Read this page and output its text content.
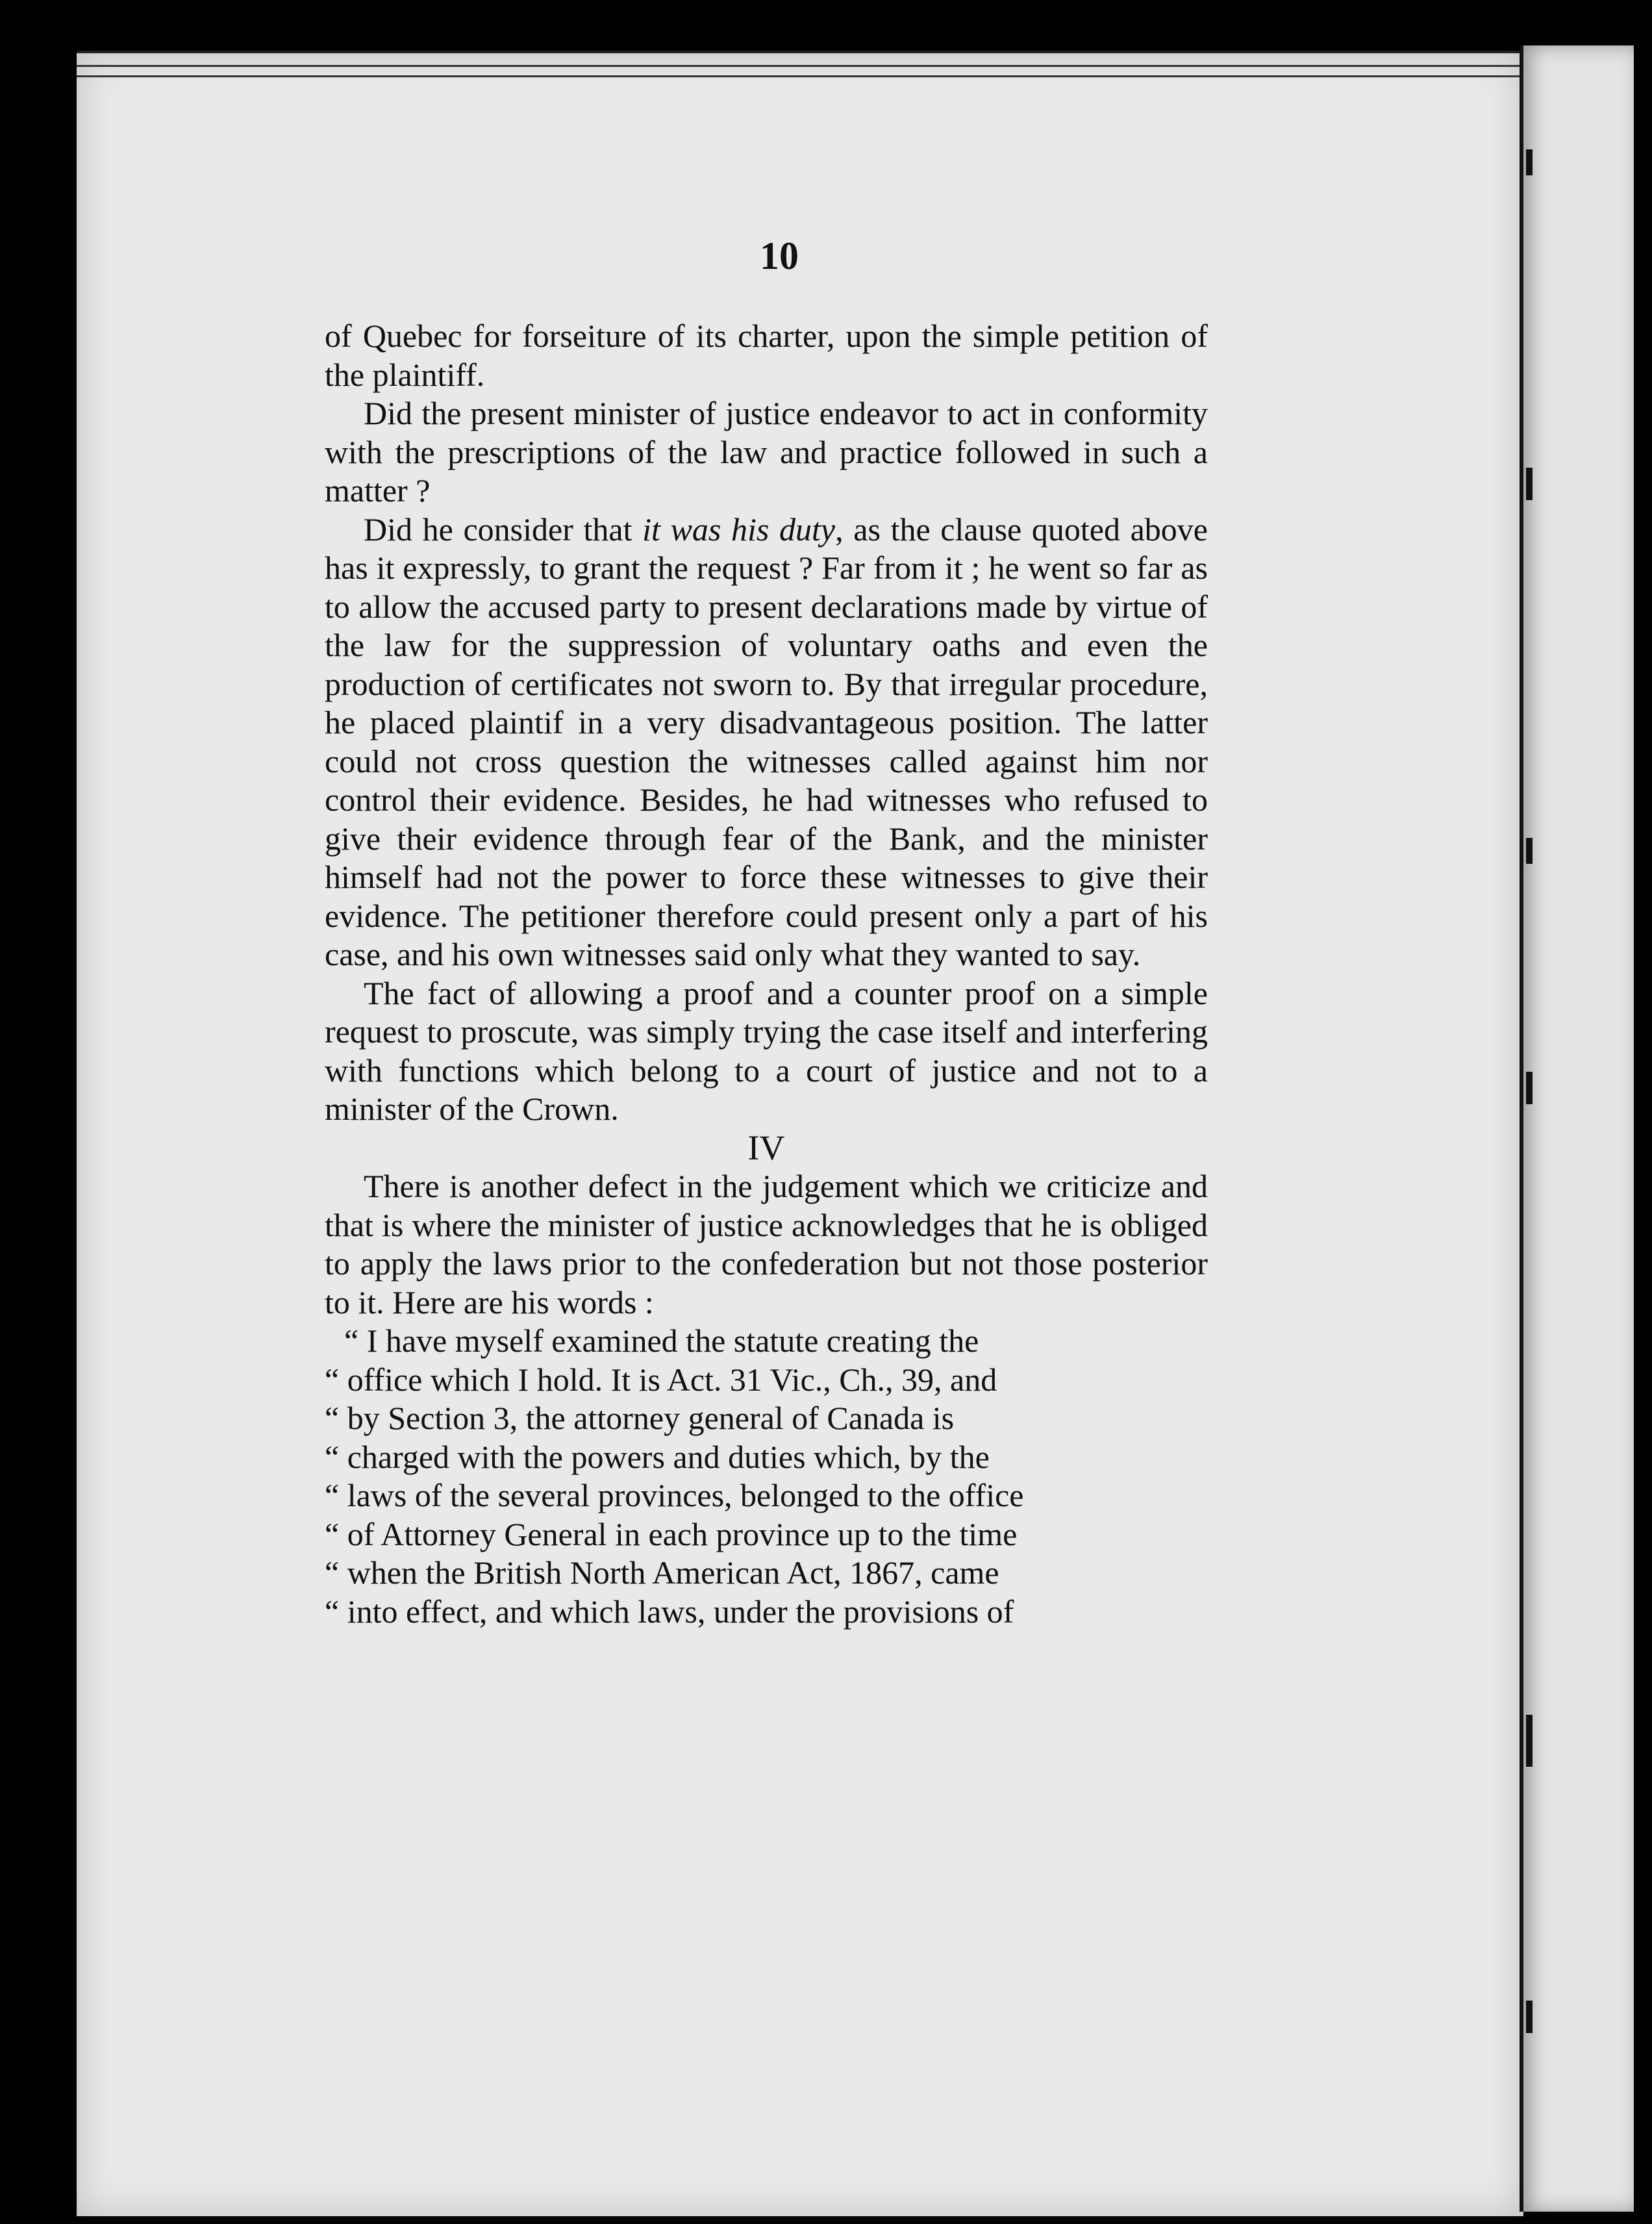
10

of Quebec for forseiture of its charter, upon the simple petition of the plaintiff.

Did the present minister of justice endeavor to act in conformity with the prescriptions of the law and practice followed in such a matter ?

Did he consider that it was his duty, as the clause quoted above has it expressly, to grant the request ? Far from it ; he went so far as to allow the accused party to present declarations made by virtue of the law for the suppression of voluntary oaths and even the production of certificates not sworn to. By that irregular procedure, he placed plaintif in a very disadvantageous position. The latter could not cross question the witnesses called against him nor control their evidence. Besides, he had witnesses who refused to give their evidence through fear of the Bank, and the minister himself had not the power to force these witnesses to give their evidence. The petitioner therefore could present only a part of his case, and his own witnesses said only what they wanted to say.

The fact of allowing a proof and a counter proof on a simple request to proscute, was simply trying the case itself and interfering with functions which belong to a court of justice and not to a minister of the Crown.

IV

There is another defect in the judgement which we criticize and that is where the minister of justice acknowledges that he is obliged to apply the laws prior to the confederation but not those posterior to it. Here are his words :

“ I have myself examined the statute creating the

“ office which I hold. It is Act. 31 Vic., Ch., 39, and

“ by Section 3, the attorney general of Canada is

“ charged with the powers and duties which, by the

“ laws of the several provinces, belonged to the office

“ of Attorney General in each province up to the time

“ when the British North American Act, 1867, came

“ into effect, and which laws, under the provisions of
